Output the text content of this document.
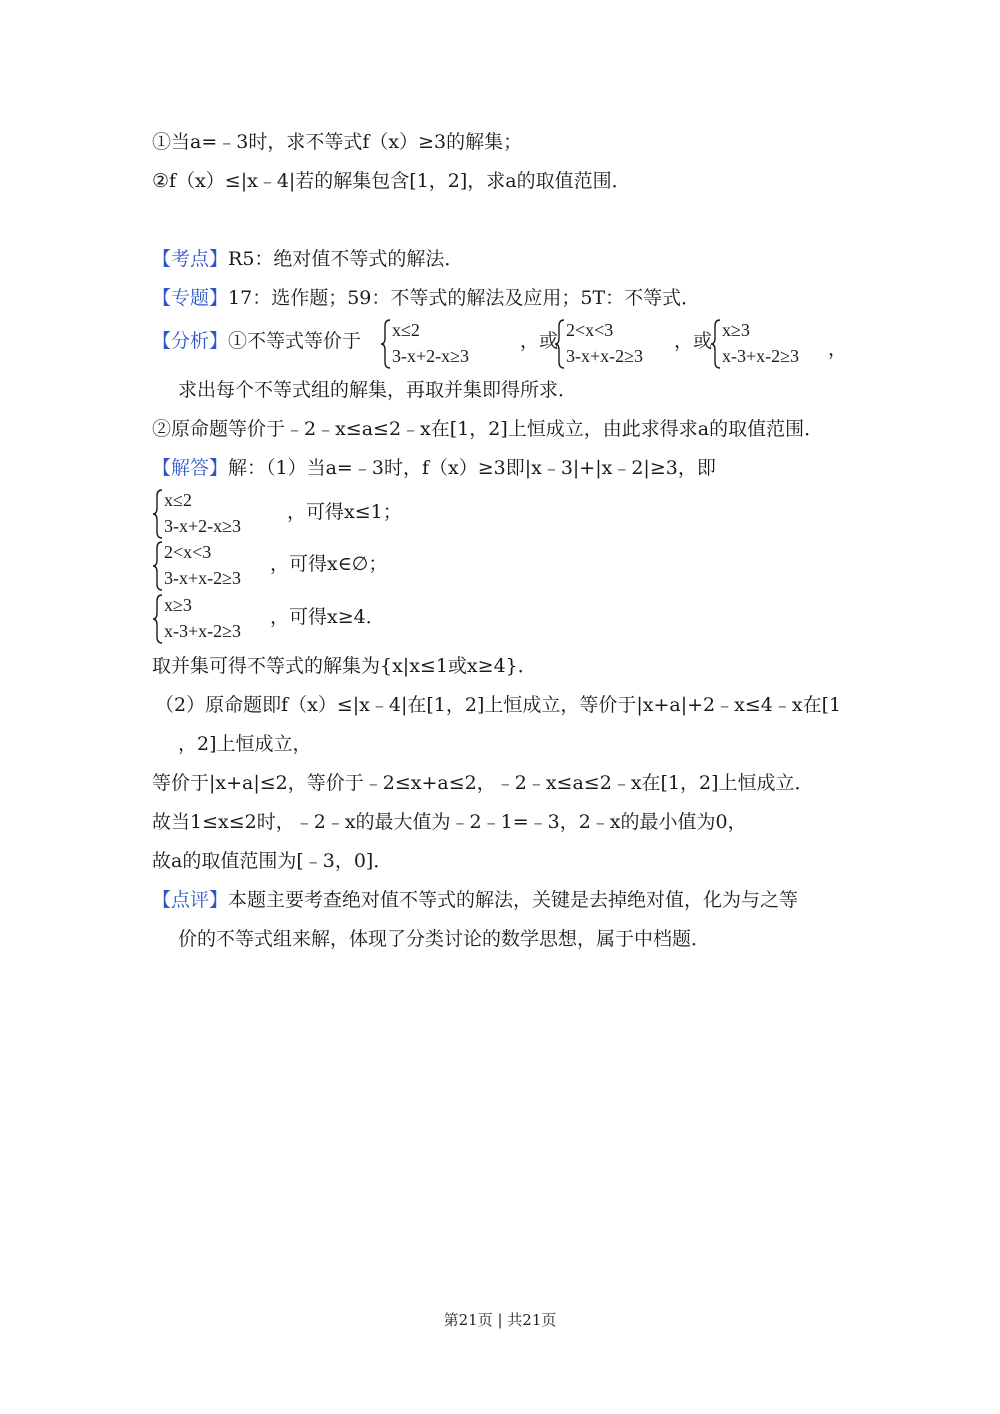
①当a=﹣3时，求不等式f（x）≥3的解集；
②f（x）≤|x﹣4|若的解集包含[1，2]，求a的取值范围．
【考点】R5：绝对值不等式的解法．
【专题】17：选作题；59：不等式的解法及应用；5T：不等式．
【分析】①不等式等价于 x≤2
3-x+2-x≥3
，或 2<x<3
3-x+x-2≥3
，或 x≥3
x-3+x-2≥3 ，
求出每个不等式组的解集，再取并集即得所求．
②原命题等价于﹣2﹣x≤a≤2﹣x在[1，2]上恒成立，由此求得求a的取值范围．
【解答】解：（1）当a=﹣3时，f（x）≥3即|x﹣3|+|x﹣2|≥3，即
x≤2
3-x+2-x≥3
，可得x≤1；
2<x<3
3-x+x-2≥3
，可得x∈∅；
x≥3
x-3+x-2≥3
，可得x≥4．
取并集可得不等式的解集为{x|x≤1或x≥4}．
（2）原命题即f（x）≤|x﹣4|在[1，2]上恒成立，等价于|x+a|+2﹣x≤4﹣x在[1
，2]上恒成立，
等价于|x+a|≤2，等价于﹣2≤x+a≤2，﹣2﹣x≤a≤2﹣x在[1，2]上恒成立．
故当1≤x≤2时，﹣2﹣x的最大值为﹣2﹣1=﹣3，2﹣x的最小值为0，
故a的取值范围为[﹣3，0]．
【点评】本题主要考查绝对值不等式的解法，关键是去掉绝对值，化为与之等
价的不等式组来解，体现了分类讨论的数学思想，属于中档题．
第21页 | 共21页
